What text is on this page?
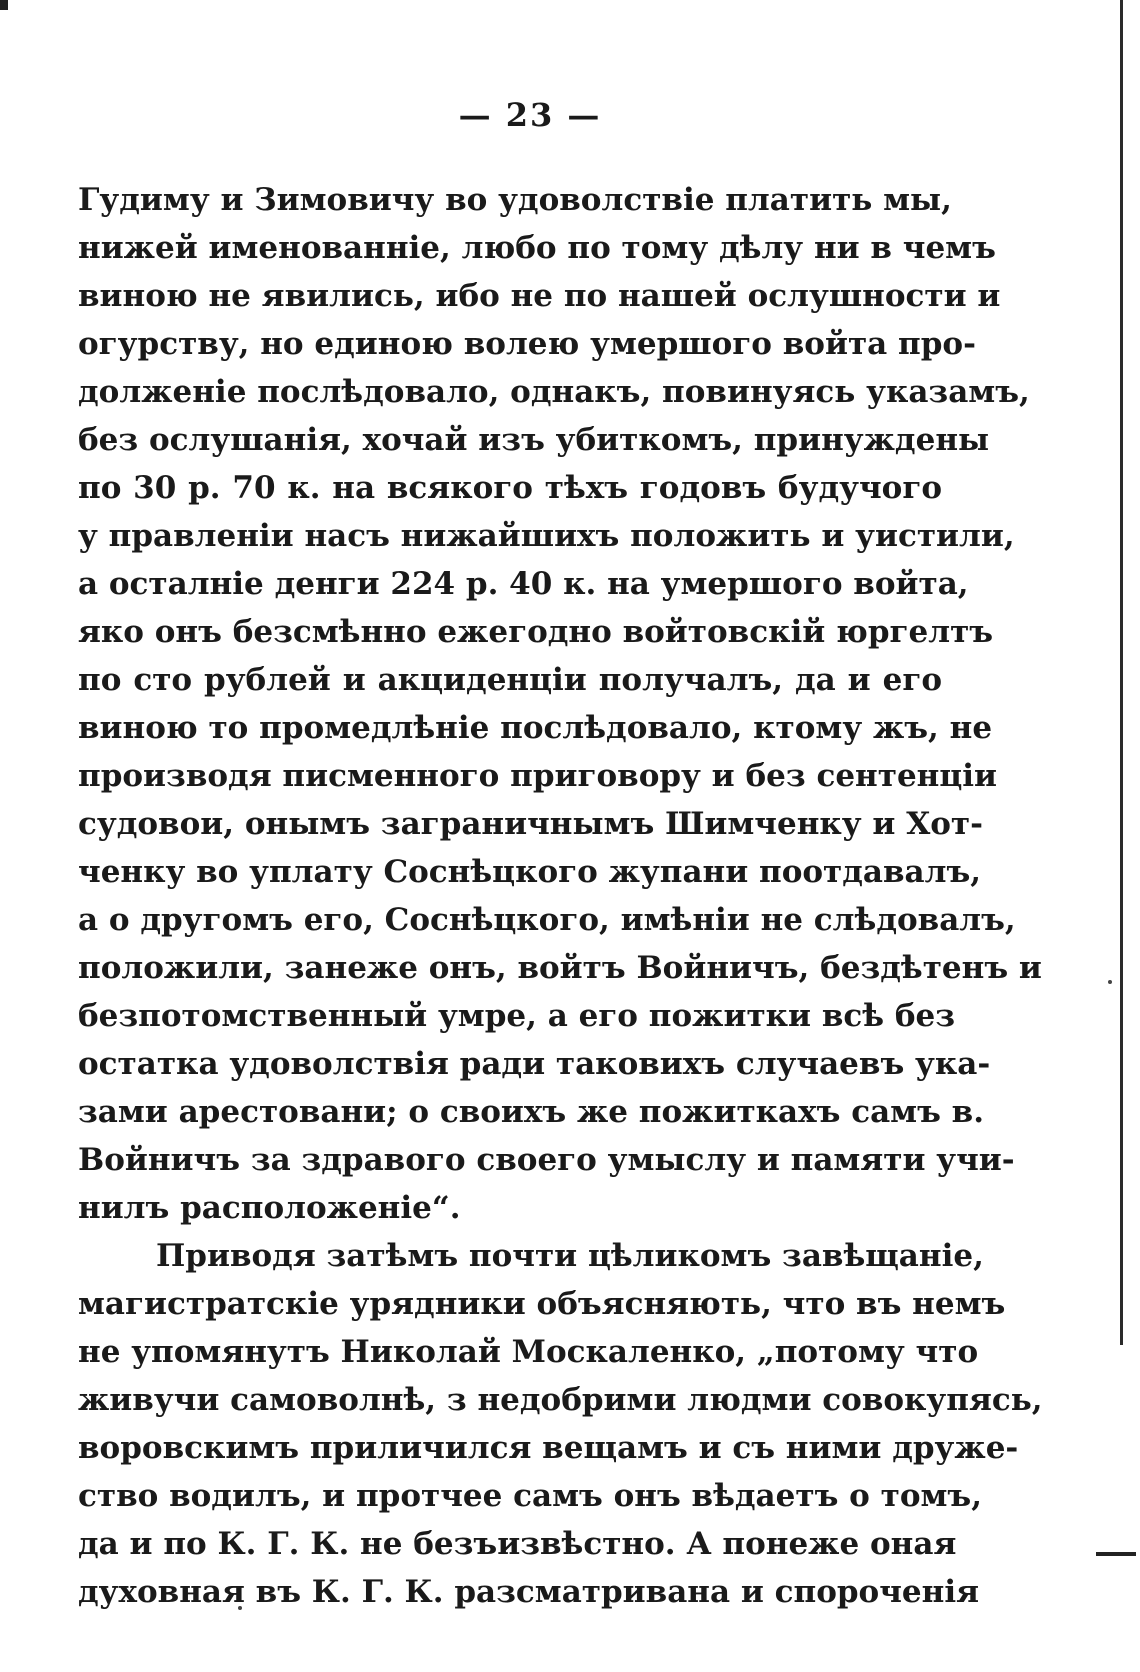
— 23 —
Гудиму и Зимовичу во удоволствіе платить мы,
нижей именованніе, любо по тому дѣлу ни в чемъ
виною не явились, ибо не по нашей ослушности и
огурству, но единою волею умершого войта про-
долженіе послѣдовало, однакъ, повинуясь указамъ,
без ослушанія, хочай изъ убиткомъ, принуждены
по 30 р. 70 к. на всякого тѣхъ годовъ будучого
у правленіи насъ нижайшихъ положить и уистили,
а осталніе денги 224 р. 40 к. на умершого войта,
яко онъ безсмѣнно ежегодно войтовскій юргелтъ
по сто рублей и акциденціи получалъ, да и его
виною то промедлѣніе послѣдовало, ктому жъ, не
производя писменного приговору и без сентенціи
судовои, онымъ заграничнымъ Шимченку и Хот-
ченку во уплату Соснѣцкого жупани поотдавалъ,
а о другомъ его, Соснѣцкого, имѣніи не слѣдовалъ,
положили, занеже онъ, войтъ Войничъ, бездѣтенъ и
безпотомственный умре, а его пожитки всѣ без
остатка удоволствія ради таковихъ случаевъ ука-
зами арестовани; о своихъ же пожиткахъ самъ в.
Войничъ за здравого своего умыслу и памяти учи-
нилъ расположеніе“.
Приводя затѣмъ почти цѣликомъ завѣщаніе,
магистратскіе урядники объясняють, что въ немъ
не упомянутъ Николай Москаленко, „потому что
живучи самоволнѣ, з недобрими людми совокупясь,
воровскимъ приличился вещамъ и съ ними друже-
ство водилъ, и протчее самъ онъ вѣдаетъ о томъ,
да и по К. Г. К. не безъизвѣстно. А понеже оная
духовная въ К. Г. К. разсматривана и спороченія
